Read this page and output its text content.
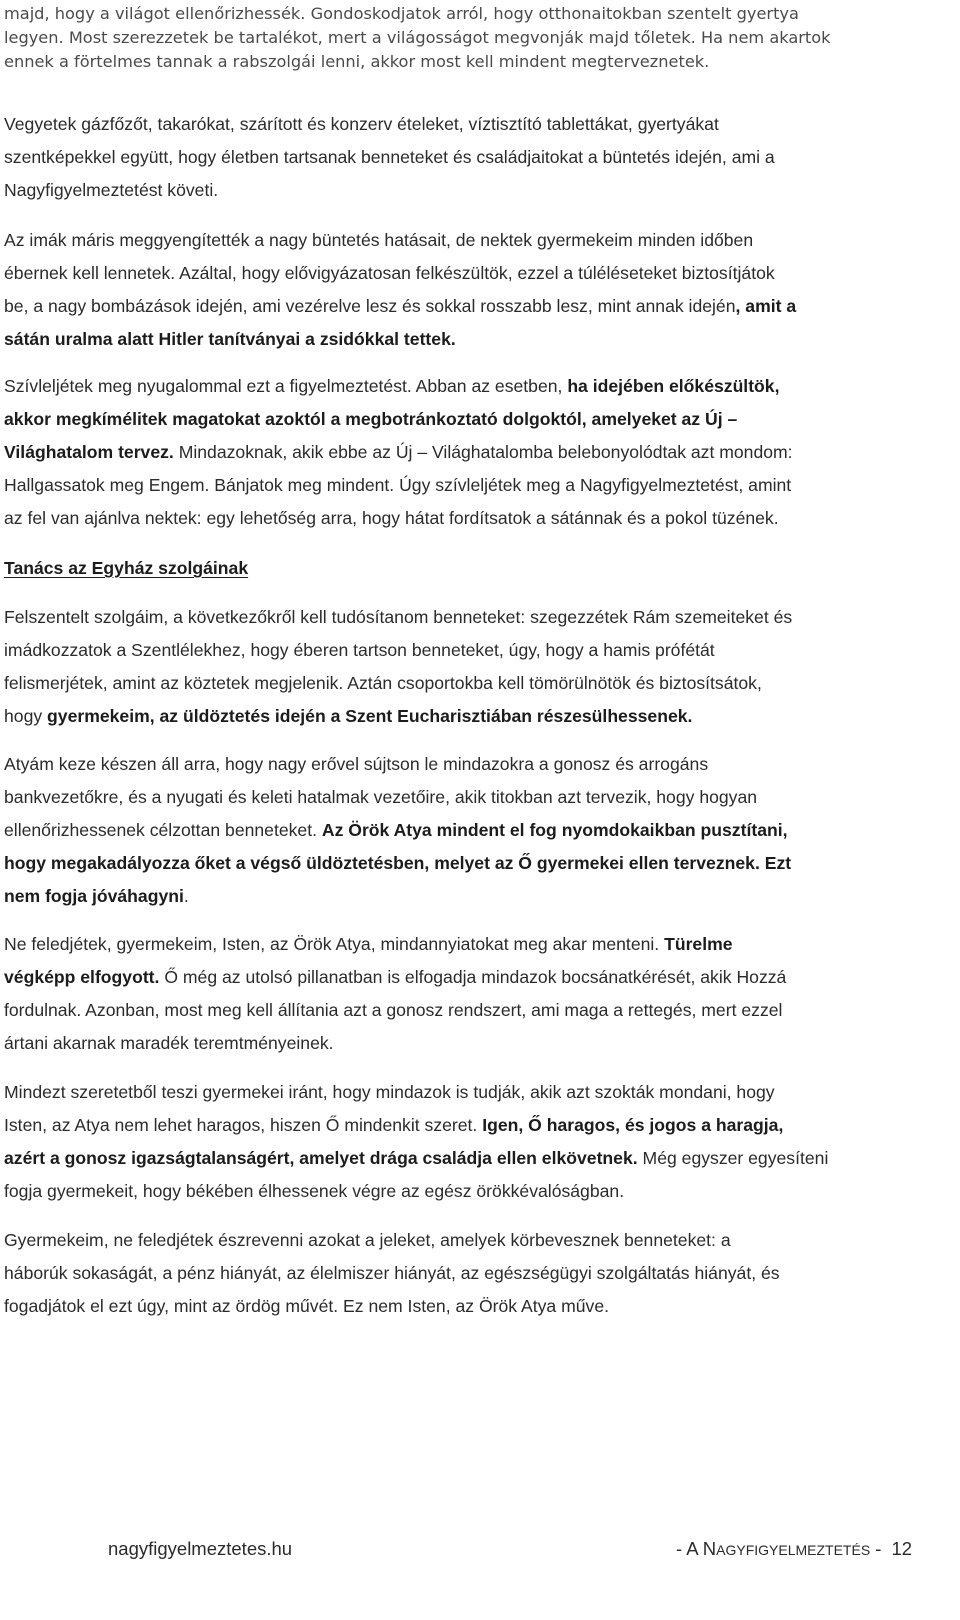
majd, hogy a világot ellenőrizhessék. Gondoskodjatok arról, hogy otthonaitokban szentelt gyertya
legyen. Most szerezzetek be tartalékot, mert a világosságot megvonják majd tőletek. Ha nem akartok
ennek a förtelmes tannak a rabszolgái lenni, akkor most kell mindent megterveznetek.
Vegyetek gázfőzőt, takarókat, szárított és konzerv ételeket, víztisztító tablettákat, gyertyákat
szentképekkel együtt, hogy életben tartsanak benneteket és családjaitokat a büntetés idején, ami a
Nagyfigyelmeztetést követi.
Az imák máris meggyengítették a nagy büntetés hatásait, de nektek gyermekeim minden időben
ébernek kell lennetek. Azáltal, hogy elővigyázatosan felkészültök, ezzel a túléléseteket biztosítjátok
be, a nagy bombázások idején, ami vezérelve lesz és sokkal rosszabb lesz, mint annak idején, amit a
sátán uralma alatt Hitler tanítványai a zsidókkal tettek.
Szívleljétek meg nyugalommal ezt a figyelmeztetést. Abban az esetben, ha idejében előkészültök,
akkor megkímélitek magatokat azoktól a megbotránkoztató dolgoktól, amelyeket az Új –
Világhatalom tervez. Mindazoknak, akik ebbe az Új – Világhatalomba belebonyolódtak azt mondom:
Hallgassatok meg Engem. Bánjatok meg mindent. Úgy szívleljétek meg a Nagyfigyelmeztetést, amint
az fel van ajánlva nektek: egy lehetőség arra, hogy hátat fordítsatok a sátánnak és a pokol tüzének.
Tanács az Egyház szolgáinak
Felszentelt szolgáim, a következőkről kell tudósítanom benneteket: szegezzétek Rám szemeiteket és
imádkozzatok a Szentlélekhez, hogy éberen tartson benneteket, úgy, hogy a hamis prófétát
felismerjétek, amint az köztetek megjelenik. Aztán csoportokba kell tömörülnötök és biztosítsátok,
hogy gyermekeim, az üldöztetés idején a Szent Eucharisztiában részesülhessenek.
Atyám keze készen áll arra, hogy nagy erővel sújtson le mindazokra a gonosz és arrogáns
bankvezetőkre, és a nyugati és keleti hatalmak vezetőire, akik titokban azt tervezik, hogy hogyan
ellenőrizhessenek célzottan benneteket. Az Örök Atya mindent el fog nyomdokaikban pusztítani,
hogy megakadályozza őket a végső üldöztetésben, melyet az Ő gyermekei ellen terveznek. Ezt
nem fogja jóváhagyni.
Ne feledjétek, gyermekeim, Isten, az Örök Atya, mindannyiatokat meg akar menteni. Türelme
végképp elfogyott. Ő még az utolsó pillanatban is elfogadja mindazok bocsánatkérését, akik Hozzá
fordulnak. Azonban, most meg kell állítania azt a gonosz rendszert, ami maga a rettegés, mert ezzel
ártani akarnak maradék teremtményeinek.
Mindezt szeretetből teszi gyermekei iránt, hogy mindazok is tudják, akik azt szokták mondani, hogy
Isten, az Atya nem lehet haragos, hiszen Ő mindenkit szeret. Igen, Ő haragos, és jogos a haragja,
azért a gonosz igazságtalanságért, amelyet drága családja ellen elkövetnek. Még egyszer egyesíteni
fogja gyermekeit, hogy békében élhessenek végre az egész örökkévalóságban.
Gyermekeim, ne feledjétek észrevenni azokat a jeleket, amelyek körbevesznek benneteket: a
háborúk sokaságát, a pénz hiányát, az élelmiszer hiányát, az egészségügyi szolgáltatás hiányát, és
fogadjátok el ezt úgy, mint az ördög művét. Ez nem Isten, az Örök Atya műve.
nagyfigyelmeztetes.hu	- A NAGYFIGYELMEZTETÉS - 12
